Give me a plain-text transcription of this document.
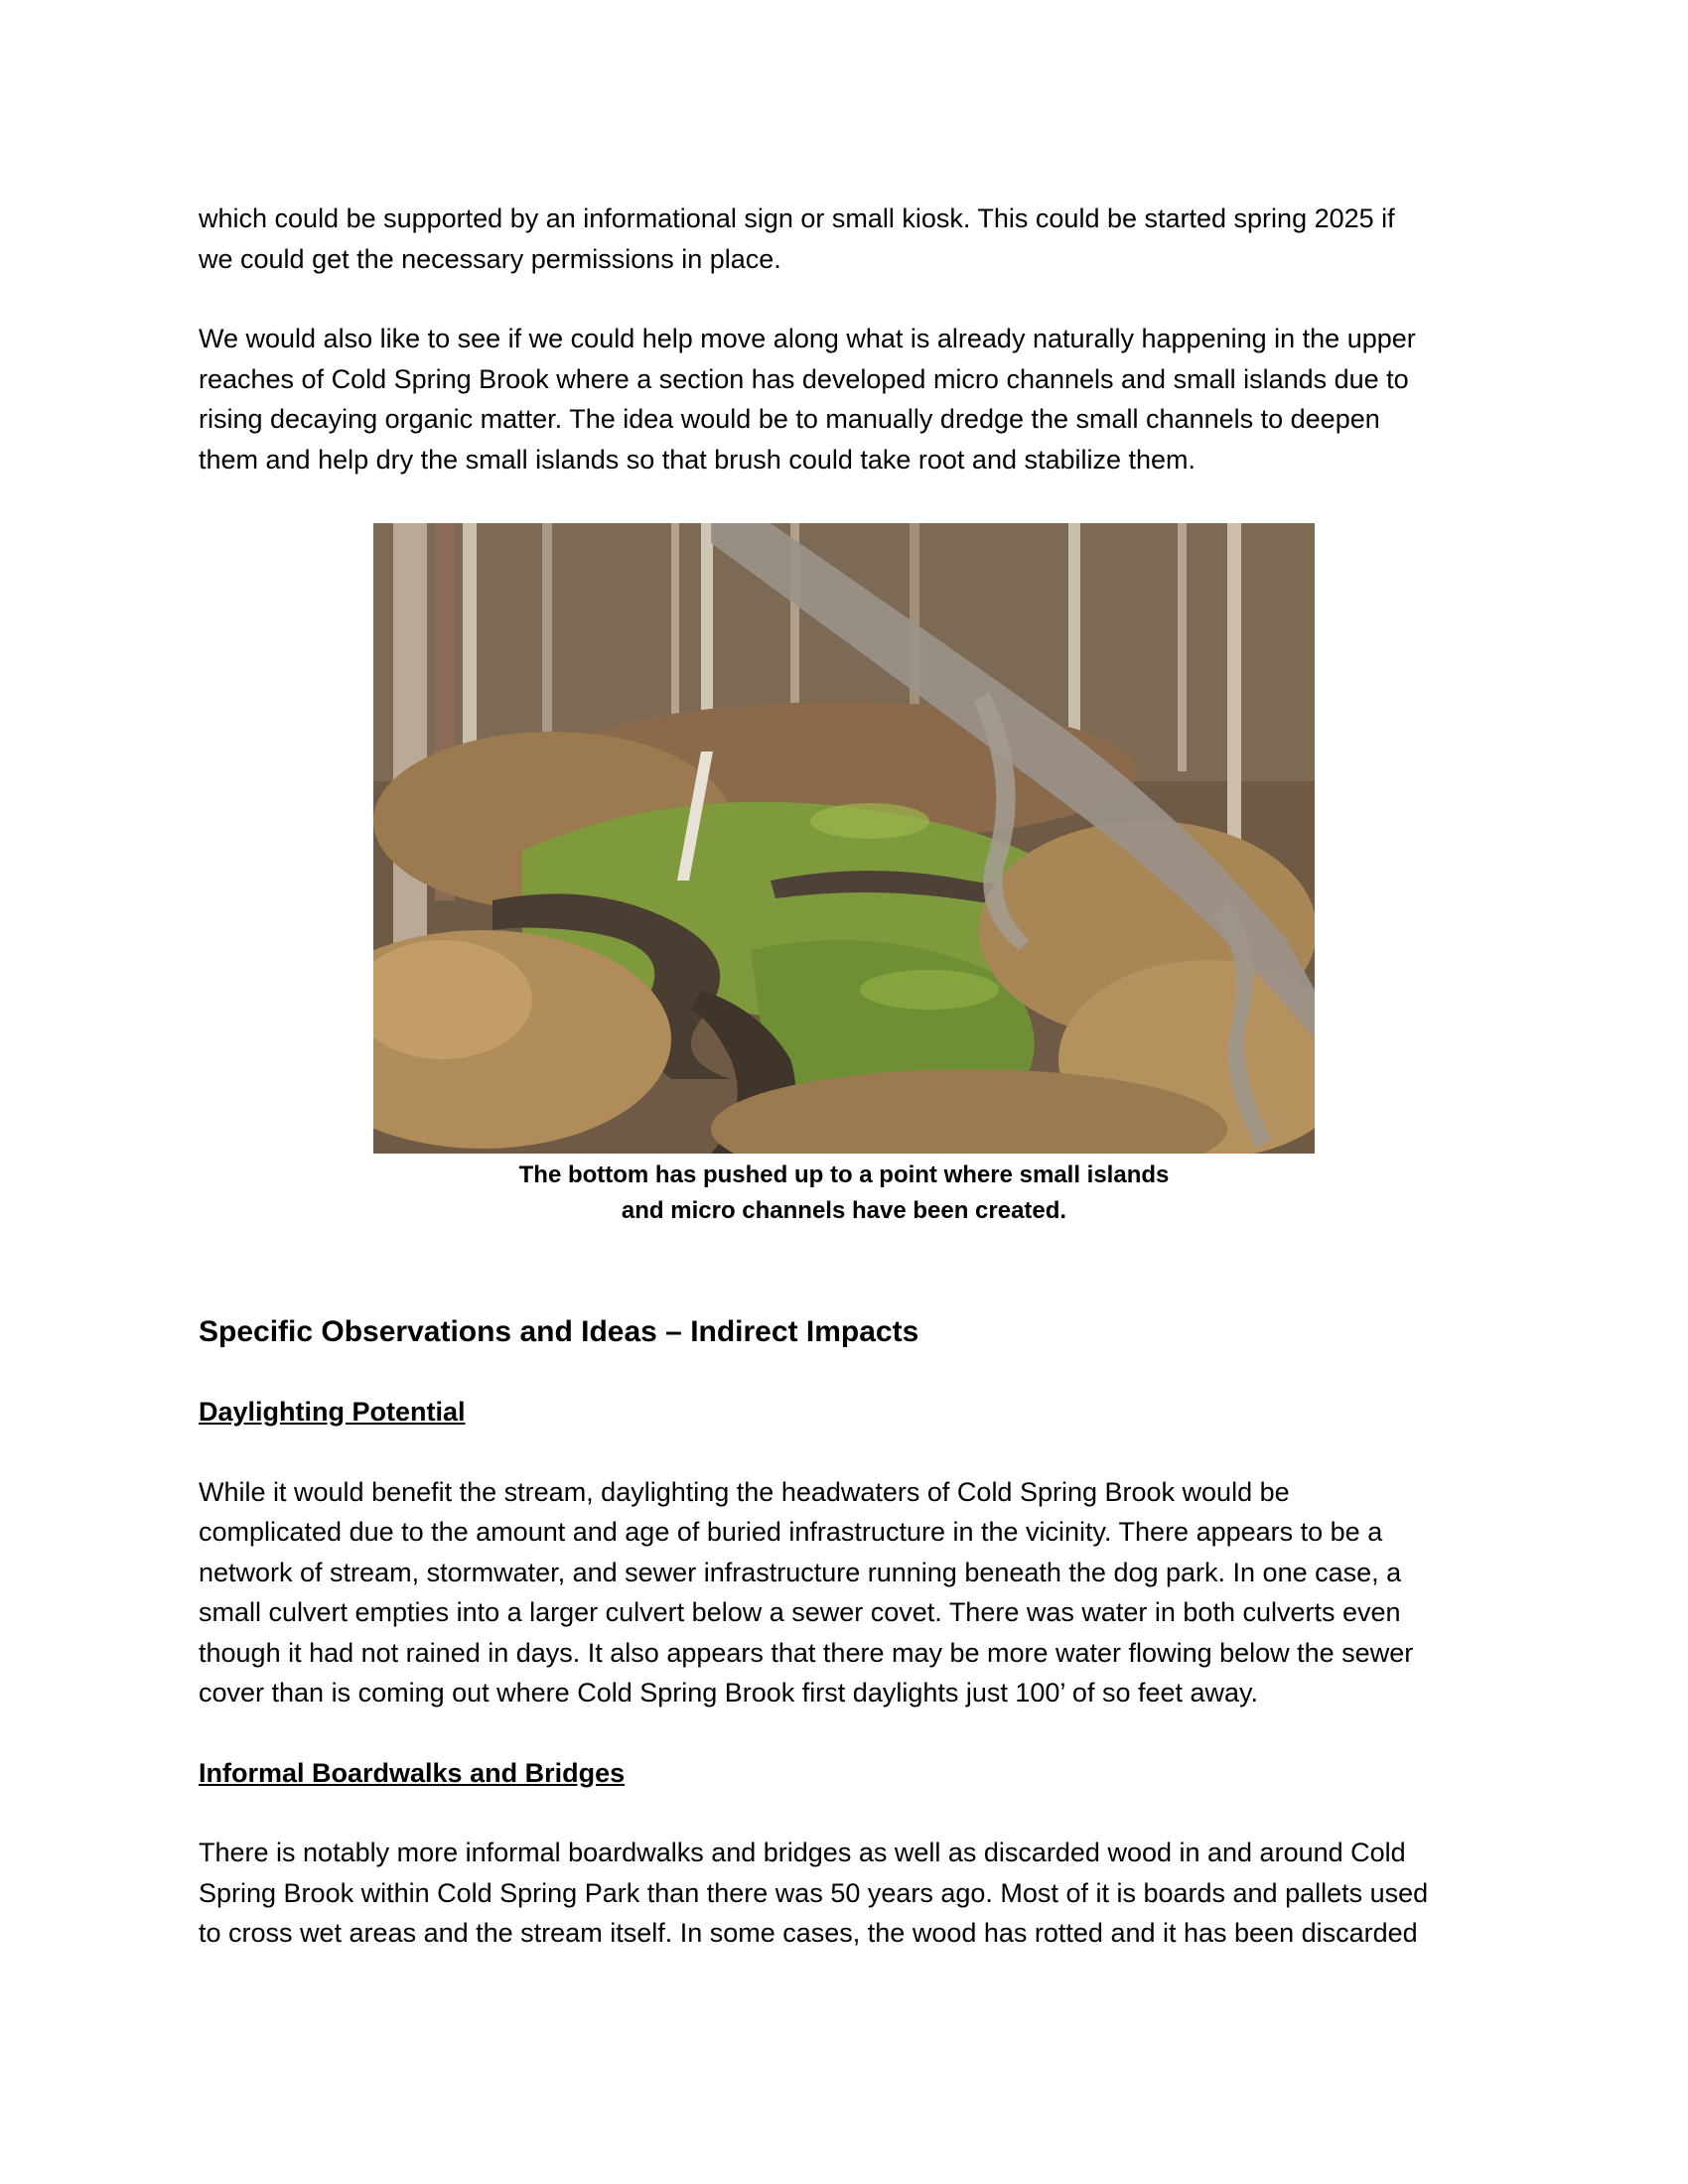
which could be supported by an informational sign or small kiosk. This could be started spring 2025 if
we could get the necessary permissions in place.

We would also like to see if we could help move along what is already naturally happening in the upper
reaches of Cold Spring Brook where a section has developed micro channels and small islands due to
rising decaying organic matter. The idea would be to manually dredge the small channels to deepen
them and help dry the small islands so that brush could take root and stabilize them.

The bottom has pushed up to a point where small islands
and micro channels have been created.
Specific Observations and Ideas – Indirect Impacts

Daylighting Potential

While it would benefit the stream, daylighting the headwaters of Cold Spring Brook would be
complicated due to the amount and age of buried infrastructure in the vicinity. There appears to be a
network of stream, stormwater, and sewer infrastructure running beneath the dog park. In one case, a
small culvert empties into a larger culvert below a sewer covet. There was water in both culverts even
though it had not rained in days. It also appears that there may be more water flowing below the sewer
cover than is coming out where Cold Spring Brook first daylights just 100’ of so feet away.

Informal Boardwalks and Bridges

There is notably more informal boardwalks and bridges as well as discarded wood in and around Cold
Spring Brook within Cold Spring Park than there was 50 years ago. Most of it is boards and pallets used
to cross wet areas and the stream itself. In some cases, the wood has rotted and it has been discarded
